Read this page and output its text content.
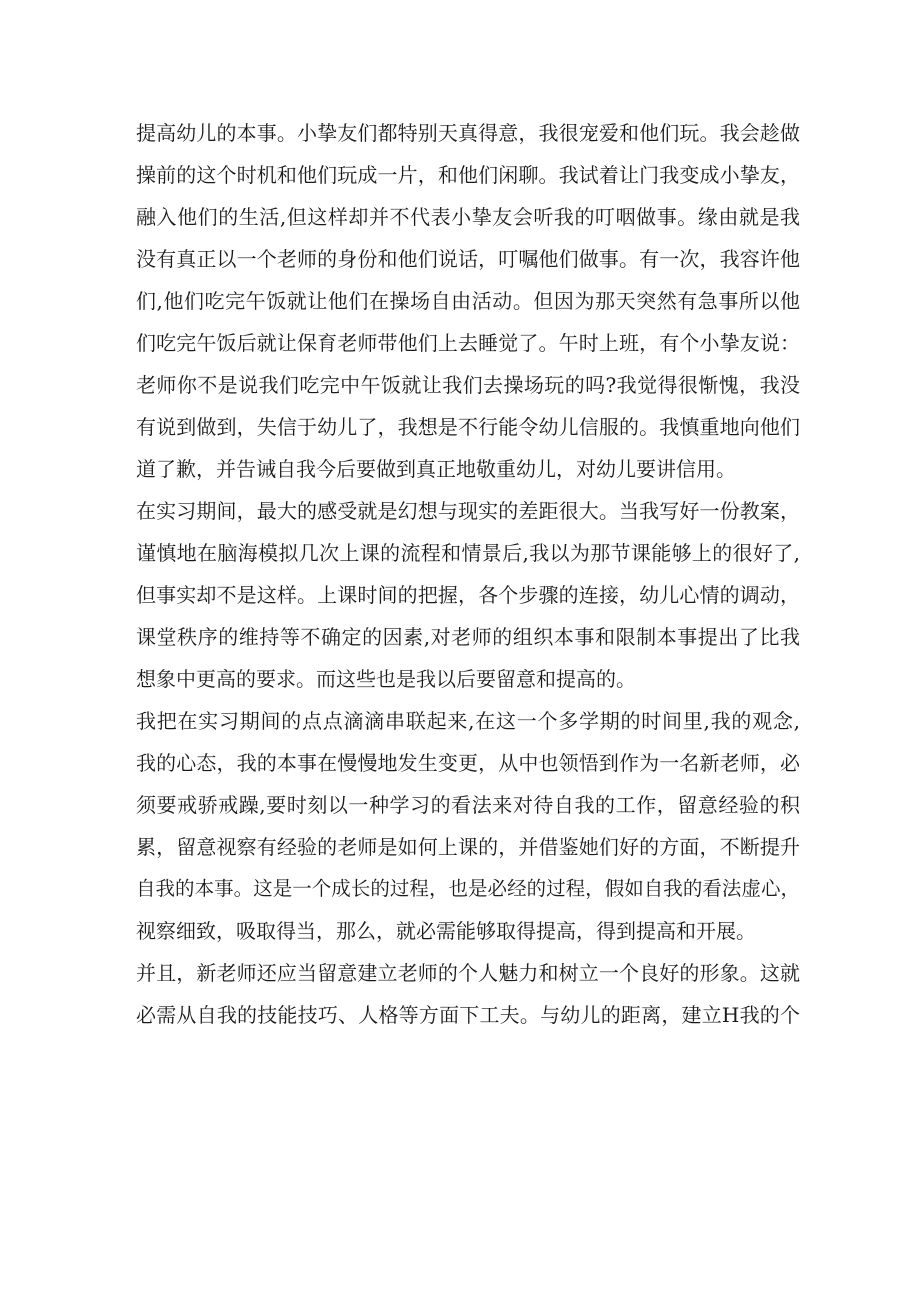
提高幼儿的本事。小挚友们都特别天真得意，我很宠爱和他们玩。我会趁做
操前的这个时机和他们玩成一片，和他们闲聊。我试着让门我变成小挚友，
融入他们的生活,但这样却并不代表小挚友会听我的叮咽做事。缘由就是我
没有真正以一个老师的身份和他们说话，叮嘱他们做事。有一次，我容许他
们,他们吃完午饭就让他们在操场自由活动。但因为那天突然有急事所以他
们吃完午饭后就让保育老师带他们上去睡觉了。午时上班，有个小挚友说：
老师你不是说我们吃完中午饭就让我们去操场玩的吗?我觉得很惭愧，我没
有说到做到，失信于幼儿了，我想是不行能令幼儿信服的。我慎重地向他们
道了歉，并告诫自我今后要做到真正地敬重幼儿，对幼儿要讲信用。
在实习期间，最大的感受就是幻想与现实的差距很大。当我写好一份教案，
谨慎地在脑海模拟几次上课的流程和情景后,我以为那节课能够上的很好了,
但事实却不是这样。上课时间的把握，各个步骤的连接，幼儿心情的调动，
课堂秩序的维持等不确定的因素,对老师的组织本事和限制本事提出了比我
想象中更高的要求。而这些也是我以后要留意和提高的。
我把在实习期间的点点滴滴串联起来,在这一个多学期的时间里,我的观念,
我的心态，我的本事在慢慢地发生变更，从中也领悟到作为一名新老师，必
须要戒骄戒躁,要时刻以一种学习的看法来对待自我的工作，留意经验的积
累，留意视察有经验的老师是如何上课的，并借鉴她们好的方面，不断提升
自我的本事。这是一个成长的过程，也是必经的过程，假如自我的看法虚心，
视察细致，吸取得当，那么，就必需能够取得提高，得到提高和开展。
并且，新老师还应当留意建立老师的个人魅力和树立一个良好的形象。这就
必需从自我的技能技巧、人格等方面下工夫。与幼儿的距离，建立H我的个
